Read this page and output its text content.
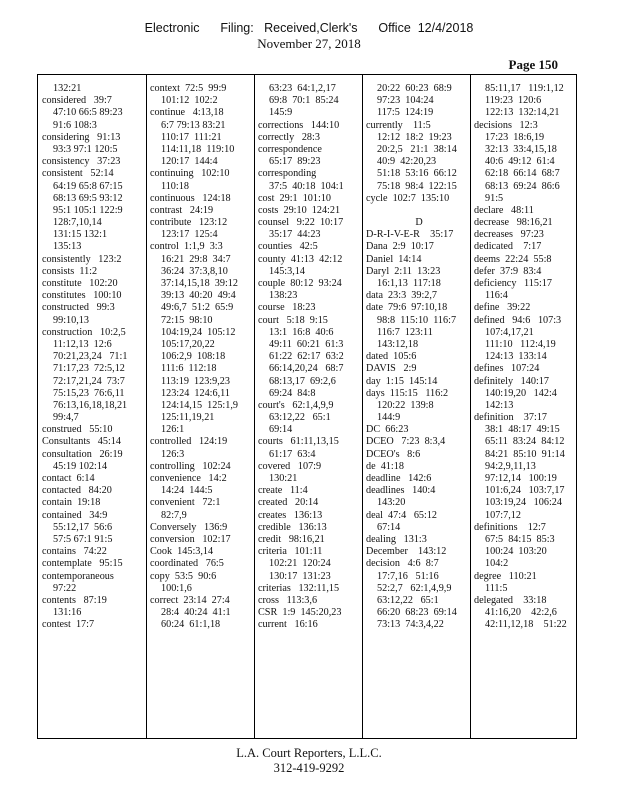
Electronic      Filing:   Received,Clerk's      Office  12/4/2018
November 27, 2018
Page 150
132:21
considered   39:7
47:10 66:5 89:23
91:6 108:3
considering   91:13
93:3 97:1 120:5
consistency   37:23
consistent   52:14
64:19 65:8 67:15
68:13 69:5 93:12
95:1 105:1 122:9
128:7,10,14
131:15 132:1
135:13
consistently   123:2
consists  11:2
constitute   102:20
constitutes   100:10
constructed   99:3
99:10,13
construction   10:2,5
11:12,13  12:6
70:21,23,24   71:1
71:17,23  72:5,12
72:17,21,24  73:7
75:15,23  76:6,11
76:13,16,18,18,21
99:4,7
construed   55:10
Consultants   45:14
consultation   26:19
45:19 102:14
contact  6:14
contacted   84:20
contain  19:18
contained   34:9
55:12,17  56:6
57:5 67:1 91:5
contains   74:22
contemplate   95:15
contemporaneous
97:22
contents   87:19
131:16
contest  17:7
context  72:5  99:9
101:12  102:2
continue   4:13,18
6:7 79:13 83:21
110:17  111:21
114:11,18  119:10
120:17  144:4
continuing   102:10
110:18
continuous   124:18
contrast   24:19
contribute   123:12
123:17  125:4
control  1:1,9  3:3
16:21  29:8  34:7
36:24  37:3,8,10
37:14,15,18  39:12
39:13  40:20  49:4
49:6,7  51:2  65:9
72:15  98:10
104:19,24  105:12
105:17,20,22
106:2,9  108:18
111:6  112:18
113:19  123:9,23
123:24  124:6,11
124:14,15  125:1,9
125:11,19,21
126:1
controlled   124:19
126:3
controlling   102:24
convenience   14:2
14:24  144:5
convenient   72:1
82:7,9
Conversely   136:9
conversion   102:17
Cook  145:3,14
coordinated   76:5
copy  53:5  90:6
100:1,6
correct  23:14  27:4
28:4  40:24  41:1
60:24  61:1,18
63:23  64:1,2,17
69:8  70:1  85:24
145:9
corrections   144:10
correctly   28:3
correspondence
65:17  89:23
corresponding
37:5  40:18  104:1
cost  29:1  101:10
costs  29:10  124:21
counsel   9:22  10:17
35:17  44:23
counties   42:5
county  41:13  42:12
145:3,14
couple  80:12  93:24
138:23
course   18:23
court   5:18  9:15
13:1  16:8  40:6
49:11  60:21  61:3
61:22  62:17  63:2
66:14,20,24   68:7
68:13,17  69:2,6
69:24  84:8
court's   62:1,4,9,9
63:12,22   65:1
69:14
courts   61:11,13,15
61:17  63:4
covered   107:9
130:21
create   11:4
created   20:14
creates   136:13
credible   136:13
credit   98:16,21
criteria   101:11
102:21  120:24
130:17  131:23
criterias   132:11,15
cross   113:3,6
CSR  1:9  145:20,23
current   16:16
20:22  60:23  68:9
97:23  104:24
117:5  124:19
currently    11:5
12:12  18:2  19:23
20:2,5   21:1  38:14
40:9  42:20,23
51:18  53:16  66:12
75:18  98:4  122:15
cycle  102:7  135:10
D
D-R-I-V-E-R    35:17
Dana  2:9  10:17
Daniel  14:14
Daryl  2:11  13:23
16:1,13  117:18
data  23:3  39:2,7
date  79:6  97:10,18
98:8  115:10  116:7
116:7  123:11
143:12,18
dated  105:6
DAVIS   2:9
day  1:15  145:14
days  115:15   116:2
120:22  139:8
144:9
DC  66:23
DCEO   7:23  8:3,4
DCEO's   8:6
de  41:18
deadline   142:6
deadlines   140:4
143:20
deal  47:4   65:12
67:14
dealing   131:3
December    143:12
decision   4:6  8:7
17:7,16   51:16
52:2,7   62:1,4,9,9
63:12,22   65:1
66:20  68:23  69:14
73:13  74:3,4,22
85:11,17   119:1,12
119:23  120:6
122:13  132:14,21
decisions   12:3
17:23  18:6,19
32:13  33:4,15,18
40:6  49:12  61:4
62:18  66:14  68:7
68:13  69:24  86:6
91:5
declare   48:11
decrease   98:16,21
decreases   97:23
dedicated    7:17
deems  22:24  55:8
defer  37:9  83:4
deficiency   115:17
116:4
define   39:22
defined   94:6   107:3
107:4,17,21
111:10   112:4,19
124:13  133:14
defines   107:24
definitely   140:17
140:19,20   142:4
142:13
definition    37:17
38:1  48:17  49:15
65:11  83:24  84:12
84:21  85:10  91:14
94:2,9,11,13
97:12,14   100:19
101:6,24   103:7,17
103:19,24   106:24
107:7,12
definitions    12:7
67:5  84:15  85:3
100:24  103:20
104:2
degree   110:21
111:5
delegated    33:18
41:16,20    42:2,6
42:11,12,18    51:22
L.A. Court Reporters, L.L.C.
312-419-9292
